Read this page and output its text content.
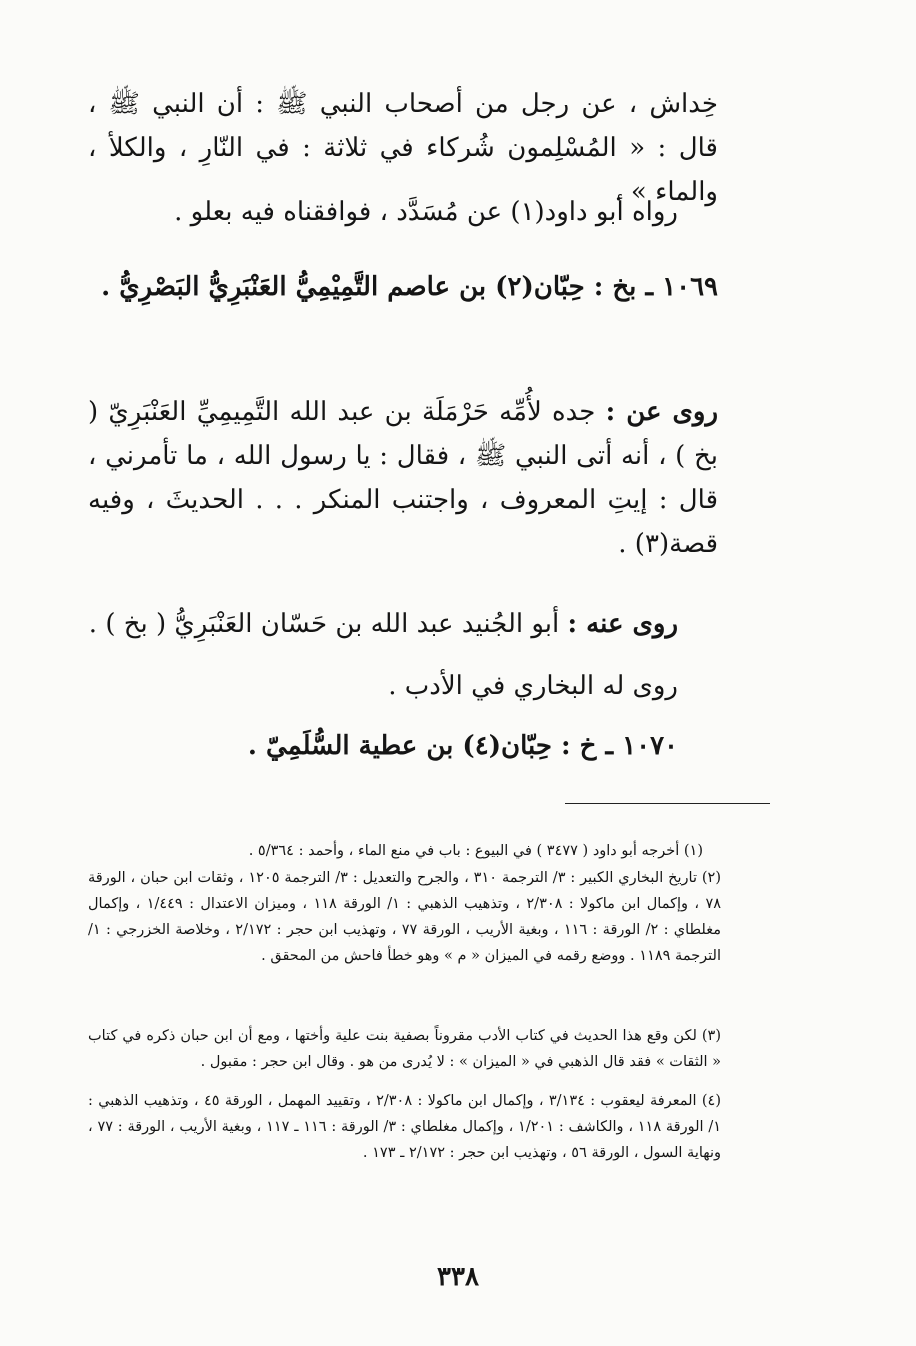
خِداش ، عن رجل من أصحاب النبي ﷺ : أن النبي ﷺ ، قال : « المُسْلِمون شُركاء في ثلاثة : في النّارِ ، والكلأ ، والماء » .
رواه أبو داود(١) عن مُسَدَّد ، فوافقناه فيه بعلو .
١٠٦٩ ـ بخ : حِبّان(٢) بن عاصم التَّمِيْمِيُّ العَنْبَرِيُّ البَصْرِيُّ .
روى عن : جده لأُمِّه حَرْمَلَة بن عبد الله التَّمِيمِيِّ العَنْبَرِيّ ( بخ ) ، أنه أتى النبي ﷺ ، فقال : يا رسول الله ، ما تأمرني ، قال : إيتِ المعروف ، واجتنب المنكر . . . الحديثَ ، وفيه قصة(٣) .
روى عنه : أبو الجُنيد عبد الله بن حَسّان العَنْبَرِيُّ ( بخ ) .
روى له البخاري في الأدب .
١٠٧٠ ـ خ : حِبّان(٤) بن عطية السُّلَمِيّ .
(١) أخرجه أبو داود ( ٣٤٧٧ ) في البيوع : باب في منع الماء ، وأحمد : ٥/٣٦٤ .
(٢) تاريخ البخاري الكبير : ٣/ الترجمة ٣١٠ ، والجرح والتعديل : ٣/ الترجمة ١٢٠٥ ، وثقات ابن حبان ، الورقة ٧٨ ، وإكمال ابن ماكولا : ٢/٣٠٨ ، وتذهيب الذهبي : ١/ الورقة ١١٨ ، وميزان الاعتدال : ١/٤٤٩ ، وإكمال مغلطاي : ٢/ الورقة : ١١٦ ، وبغية الأريب ، الورقة ٧٧ ، وتهذيب ابن حجر : ٢/١٧٢ ، وخلاصة الخزرجي : ١/ الترجمة ١١٨٩ . ووضع رقمه في الميزان « م » وهو خطأ فاحش من المحقق .
(٣) لكن وقع هذا الحديث في كتاب الأدب مقروناً بصفية بنت علية وأختها ، ومع أن ابن حبان ذكره في كتاب « الثقات » فقد قال الذهبي في « الميزان » : لا يُدرى من هو . وقال ابن حجر : مقبول .
(٤) المعرفة ليعقوب : ٣/١٣٤ ، وإكمال ابن ماكولا : ٢/٣٠٨ ، وتقييد المهمل ، الورقة ٤٥ ، وتذهيب الذهبي : ١/ الورقة ١١٨ ، والكاشف : ١/٢٠١ ، وإكمال مغلطاي : ٣/ الورقة : ١١٦ ـ ١١٧ ، وبغية الأريب ، الورقة : ٧٧ ، ونهاية السول ، الورقة ٥٦ ، وتهذيب ابن حجر : ٢/١٧٢ ـ ١٧٣ .
٣٣٨
